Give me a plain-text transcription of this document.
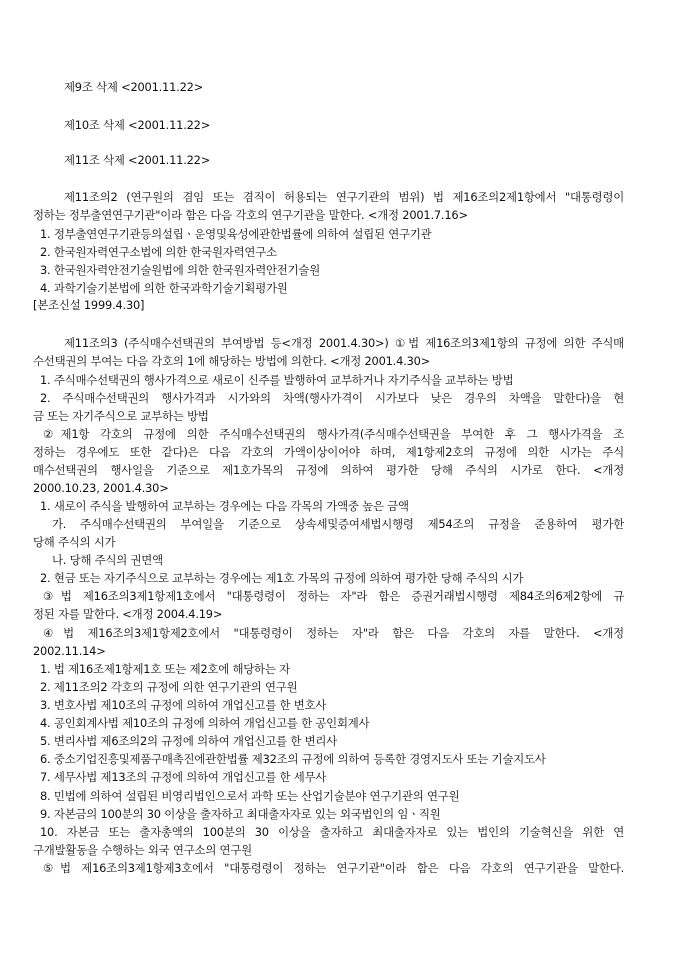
제9조 삭제 <2001.11.22>
제10조 삭제 <2001.11.22>
제11조 삭제 <2001.11.22>
제11조의2 (연구원의 겸임 또는 겸직이 허용되는 연구기관의 범위) 법 제16조의2제1항에서 "대통령령이
정하는 정부출연연구기관"이라 함은 다음 각호의 연구기관을 말한다. <개정 2001.7.16>
1. 정부출연연구기관등의설립ㆍ운영및육성에관한법률에 의하여 설립된 연구기관
2. 한국원자력연구소법에 의한 한국원자력연구소
3. 한국원자력안전기술원법에 의한 한국원자력안전기술원
4. 과학기술기본법에 의한 한국과학기술기획평가원
[본조신설 1999.4.30]
제11조의3 (주식매수선택권의 부여방법 등<개정 2001.4.30>) ①법 제16조의3제1항의 규정에 의한 주식매
수선택권의 부여는 다음 각호의 1에 해당하는 방법에 의한다. <개정 2001.4.30>
1. 주식매수선택권의 행사가격으로 새로이 신주를 발행하여 교부하거나 자기주식을 교부하는 방법
2. 주식매수선택권의 행사가격과 시가와의 차액(행사가격이 시가보다 낮은 경우의 차액을 말한다)을 현
금 또는 자기주식으로 교부하는 방법
②제1항 각호의 규정에 의한 주식매수선택권의 행사가격(주식매수선택권을 부여한 후 그 행사가격을 조
정하는 경우에도 또한 같다)은 다음 각호의 가액이상이어야 하며, 제1항제2호의 규정에 의한 시가는 주식
매수선택권의 행사일을 기준으로 제1호가목의 규정에 의하여 평가한 당해 주식의 시가로 한다. <개정
2000.10.23, 2001.4.30>
1. 새로이 주식을 발행하여 교부하는 경우에는 다음 각목의 가액중 높은 금액
가. 주식매수선택권의 부여일을 기준으로 상속세및증여세법시행령 제54조의 규정을 준용하여 평가한
당해 주식의 시가
나. 당해 주식의 권면액
2. 현금 또는 자기주식으로 교부하는 경우에는 제1호 가목의 규정에 의하여 평가한 당해 주식의 시가
③법 제16조의3제1항제1호에서 "대통령령이 정하는 자"라 함은 증권거래법시행령 제84조의6제2항에 규
정된 자를 말한다. <개정 2004.4.19>
④법 제16조의3제1항제2호에서 "대통령령이 정하는 자"라 함은 다음 각호의 자를 말한다. <개정
2002.11.14>
1. 법 제16조제1항제1호 또는 제2호에 해당하는 자
2. 제11조의2 각호의 규정에 의한 연구기관의 연구원
3. 변호사법 제10조의 규정에 의하여 개업신고를 한 변호사
4. 공인회계사법 제10조의 규정에 의하여 개업신고를 한 공인회계사
5. 변리사법 제6조의2의 규정에 의하여 개업신고를 한 변리사
6. 중소기업진흥및제품구매촉진에관한법률 제32조의 규정에 의하여 등록한 경영지도사 또는 기술지도사
7. 세무사법 제13조의 규정에 의하여 개업신고를 한 세무사
8. 민법에 의하여 설립된 비영리법인으로서 과학 또는 산업기술분야 연구기관의 연구원
9. 자본금의 100분의 30 이상을 출자하고 최대출자자로 있는 외국법인의 임ㆍ직원
10. 자본금 또는 출자총액의 100분의 30 이상을 출자하고 최대출자자로 있는 법인의 기술혁신을 위한 연
구개발활동을 수행하는 외국 연구소의 연구원
⑤법 제16조의3제1항제3호에서 "대통령령이 정하는 연구기관"이라 함은 다음 각호의 연구기관을 말한다.
